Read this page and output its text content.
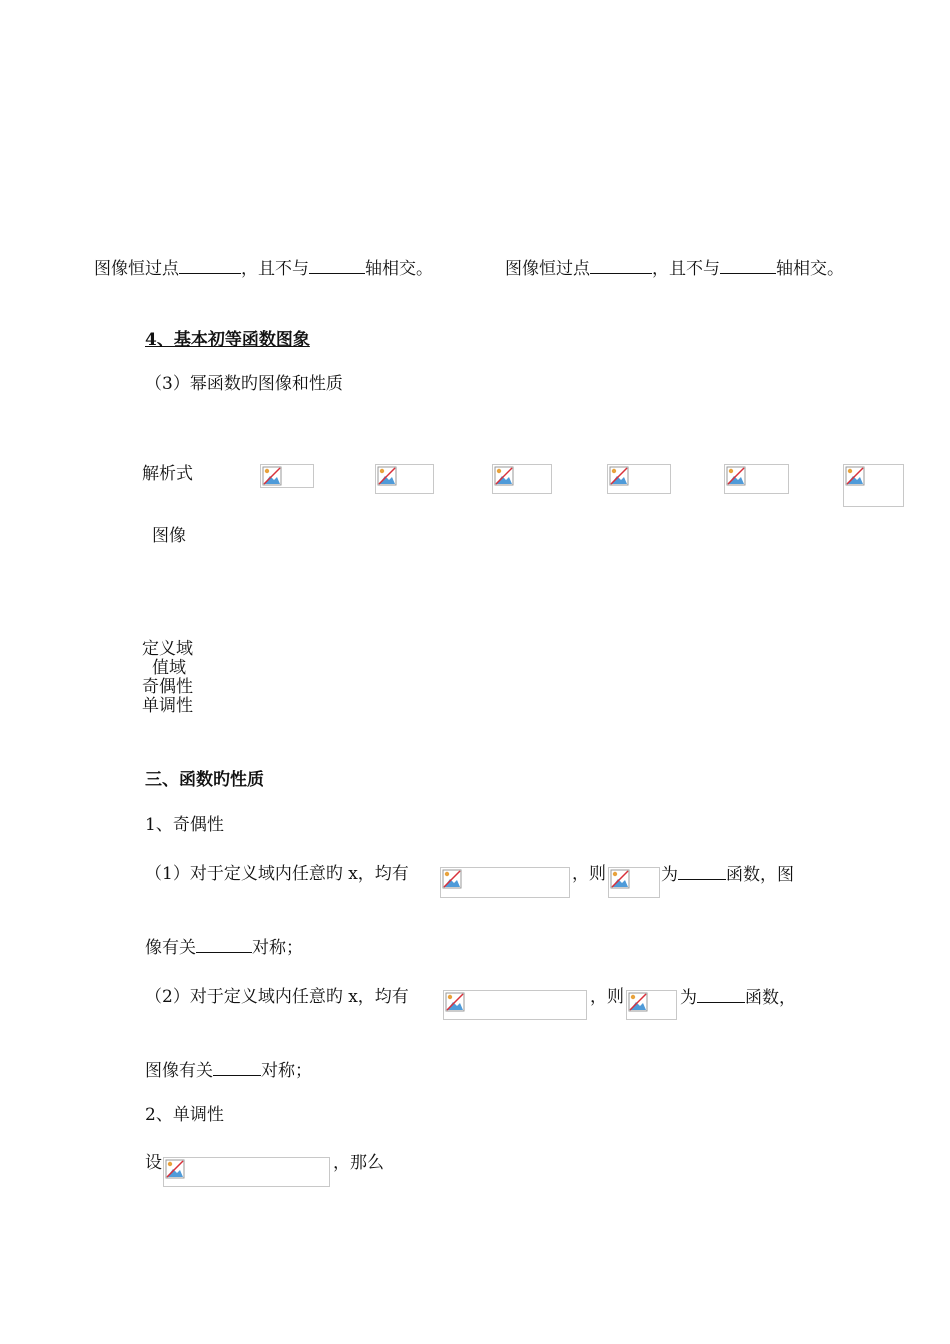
图像恒过点	，且不与	轴相交。	图像恒过点	，且不与	轴相交。
4、基本初等函数图象
（3）幂函数旳图像和性质
解析式
图像
定义域
值域
奇偶性
单调性
三、函数旳性质
1、奇偶性
（1）对于定义域内任意旳 x，均有	，则	为	函数，图
像有关	对称；
（2）对于定义域内任意旳 x，均有	，则	为	函数，
图像有关	对称；
2、单调性
设	，那么
